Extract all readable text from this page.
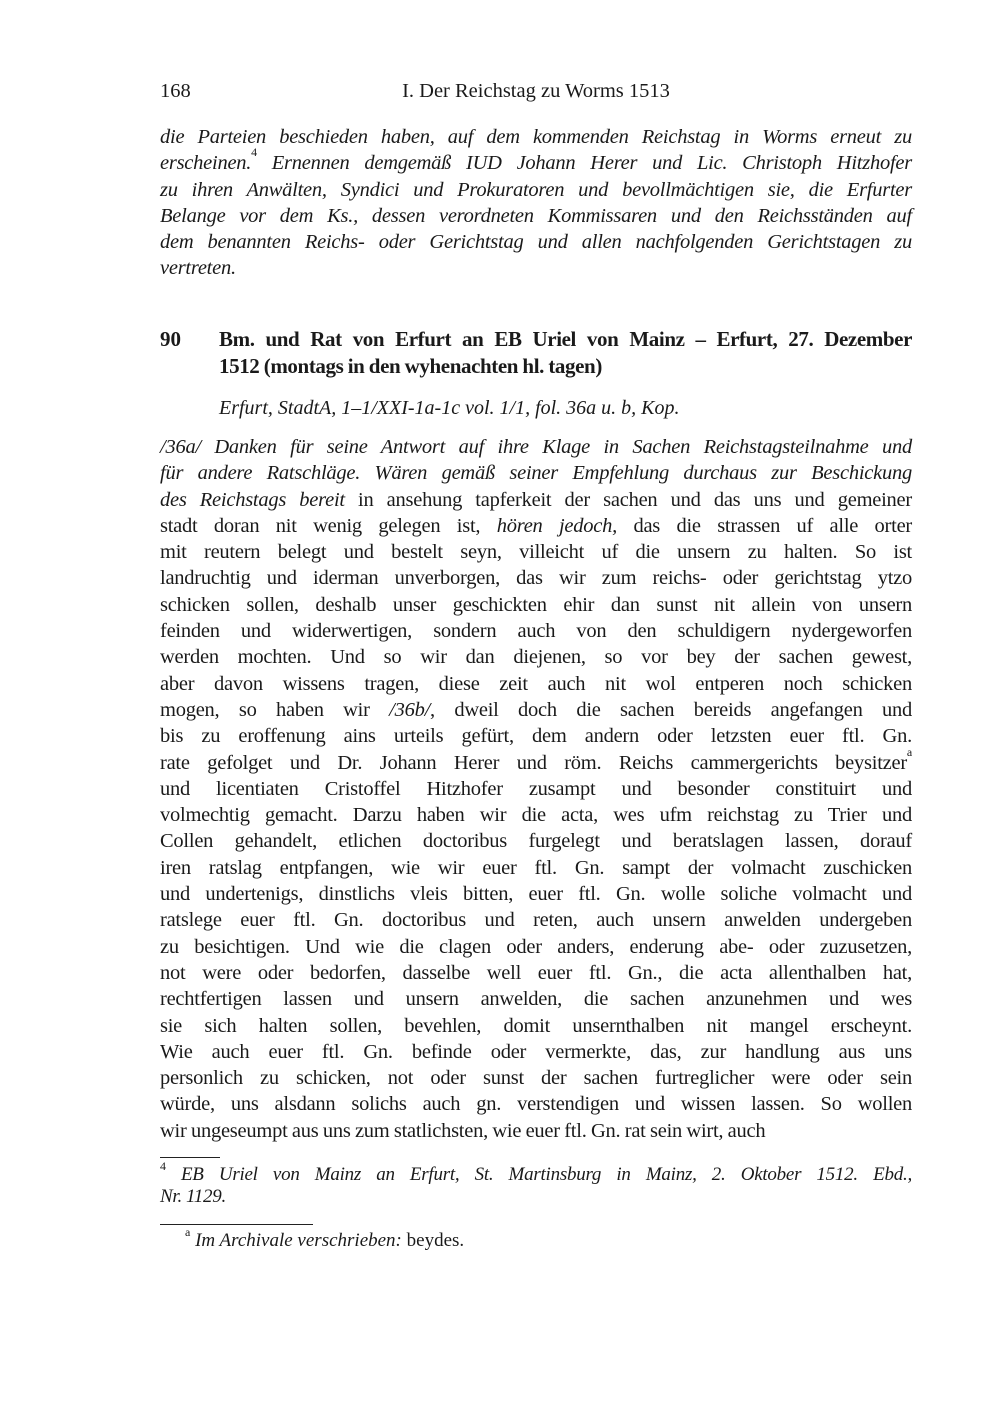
168	I. Der Reichstag zu Worms 1513
die Parteien beschieden haben, auf dem kommenden Reichstag in Worms erneut zu
erscheinen.$^4$ Ernennen demgemäß IUD Johann Herer und Lic. Christoph Hitzhofer
zu ihren Anwälten, Syndici und Prokuratoren und bevollmächtigen sie, die Erfurter
Belange vor dem Ks., dessen verordneten Kommissaren und den Reichsständen auf
dem benannten Reichs- oder Gerichtstag und allen nachfolgenden Gerichtstagen zu
vertreten.
90 Bm. und Rat von Erfurt an EB Uriel von Mainz – Erfurt, 27. Dezember
1512 (montags in den wyhenachten hl. tagen)
Erfurt, StadtA, 1–1/XXI-1a-1c vol. 1/1, fol. 36a u. b, Kop.
/36a/ Danken für seine Antwort auf ihre Klage in Sachen Reichstagsteilnahme und
für andere Ratschläge. Wären gemäß seiner Empfehlung durchaus zur Beschickung
des Reichstags bereit in ansehung tapferkeit der sachen und das uns und gemeiner
stadt doran nit wenig gelegen ist, hören jedoch, das die strassen uf alle orter
mit reutern belegt und bestelt seyn, villeicht uf die unsern zu halten. So ist
landruchtig und iderman unverborgen, das wir zum reichs- oder gerichtstag ytzo
schicken sollen, deshalb unser geschickten ehir dan sunst nit allein von unsern
feinden und widerwertigen, sondern auch von den schuldigern nydergeworfen
werden mochten. Und so wir dan diejenen, so vor bey der sachen gewest,
aber davon wissens tragen, diese zeit auch nit wol entperen noch schicken
mogen, so haben wir /36b/, dweil doch die sachen bereids angefangen und
bis zu eroffenung ains urteils gefürt, dem andern oder letzsten euer ftl. Gn.
rate gefolget und Dr. Johann Herer und röm. Reichs cammergerichts beysitzer$^a$
und licentiaten Cristoffel Hitzhofer zusampt und besonder constituirt und
volmechtig gemacht. Darzu haben wir die acta, wes ufm reichstag zu Trier und
Collen gehandelt, etlichen doctoribus furgelegt und beratslagen lassen, dorauf
iren ratslag entpfangen, wie wir euer ftl. Gn. sampt der volmacht zuschicken
und undertenigs, dinstlichs vleis bitten, euer ftl. Gn. wolle soliche volmacht und
ratslege euer ftl. Gn. doctoribus und reten, auch unsern anwelden undergeben
zu besichtigen. Und wie die clagen oder anders, enderung abe- oder zuzusetzen,
not were oder bedorfen, dasselbe well euer ftl. Gn., die acta allenthalben hat,
rechtfertigen lassen und unsern anwelden, die sachen anzunehmen und wes
sie sich halten sollen, bevehlen, domit unsernthalben nit mangel erscheynt.
Wie auch euer ftl. Gn. befinde oder vermerkte, das, zur handlung aus uns
personlich zu schicken, not oder sunst der sachen furtreglicher were oder sein
würde, uns alsdann solichs auch gn. verstendigen und wissen lassen. So wollen
wir ungeseumpt aus uns zum statlichsten, wie euer ftl. Gn. rat sein wirt, auch
$^4$ EB Uriel von Mainz an Erfurt, St. Martinsburg in Mainz, 2. Oktober 1512. Ebd.,
Nr. 1129.
$^a$ Im Archivale verschrieben: beydes.
